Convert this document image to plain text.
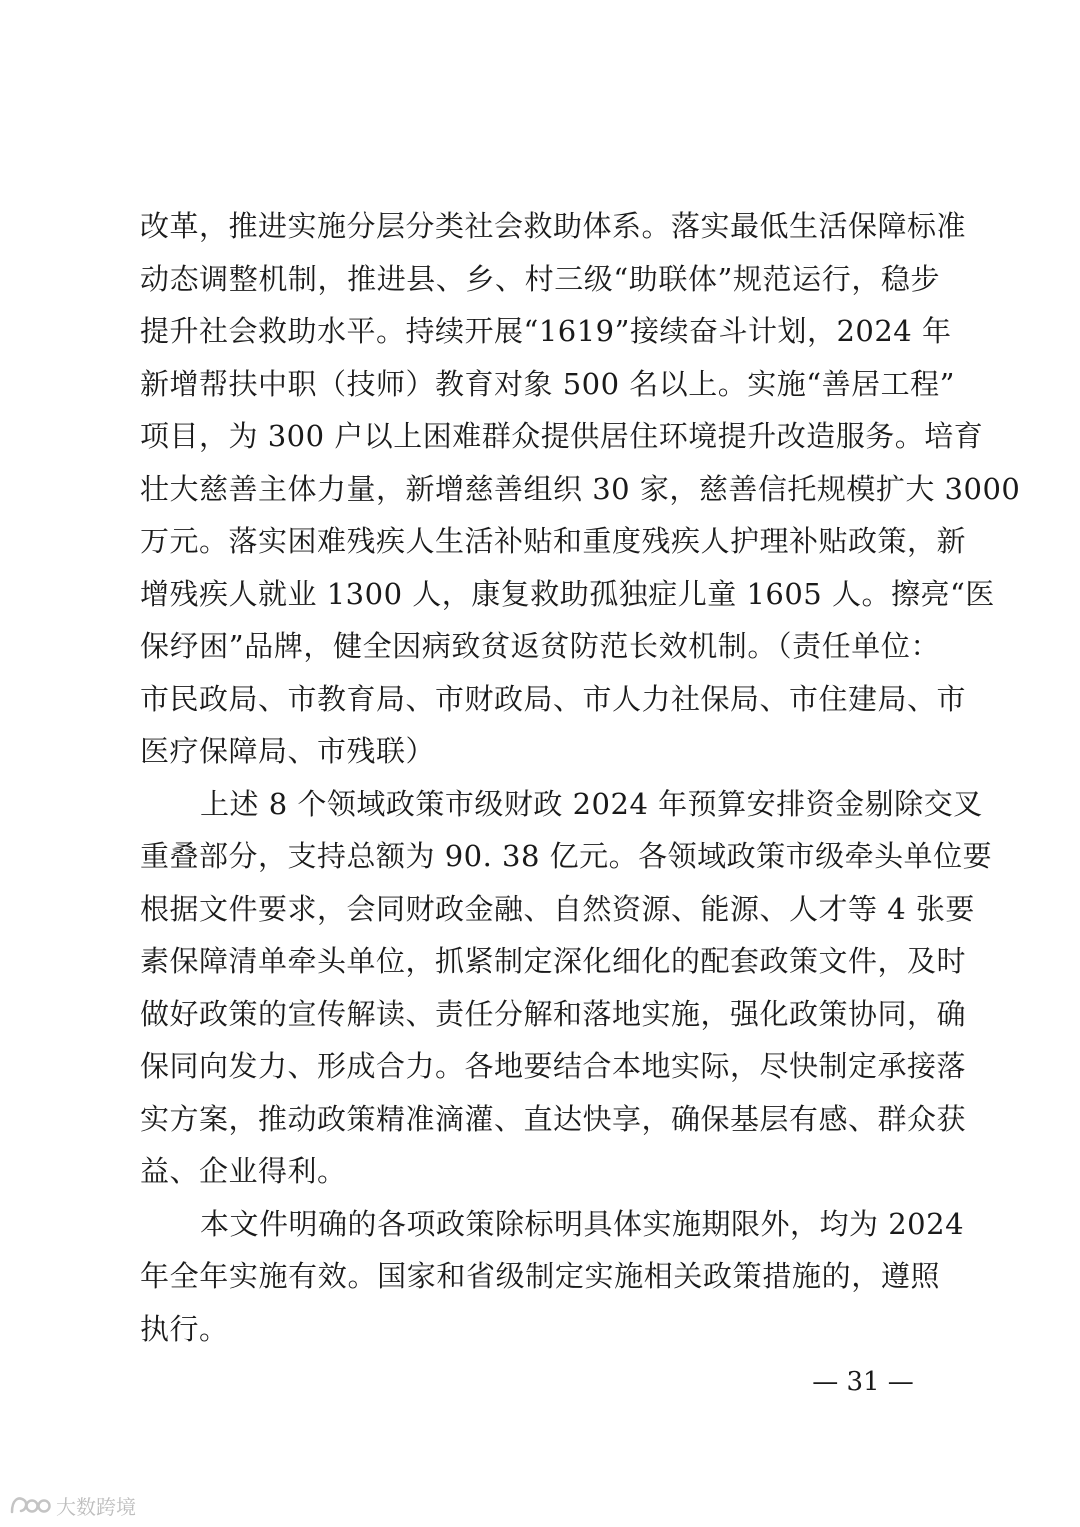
改革，推进实施分层分类社会救助体系。落实最低生活保障标准
动态调整机制，推进县、乡、村三级“助联体”规范运行，稳步
提升社会救助水平。持续开展“1619”接续奋斗计划，2024 年
新增帮扶中职（技师）教育对象 500 名以上。实施“善居工程”
项目，为 300 户以上困难群众提供居住环境提升改造服务。培育
壮大慈善主体力量，新增慈善组织 30 家，慈善信托规模扩大 3000
万元。落实困难残疾人生活补贴和重度残疾人护理补贴政策，新
增残疾人就业 1300 人，康复救助孤独症儿童 1605 人。擦亮“医
保纾困”品牌，健全因病致贫返贫防范长效机制。（责任单位：
市民政局、市教育局、市财政局、市人力社保局、市住建局、市
医疗保障局、市残联）
上述 8 个领域政策市级财政 2024 年预算安排资金剔除交叉
重叠部分，支持总额为 90. 38 亿元。各领域政策市级牵头单位要
根据文件要求，会同财政金融、自然资源、能源、人才等 4 张要
素保障清单牵头单位，抓紧制定深化细化的配套政策文件，及时
做好政策的宣传解读、责任分解和落地实施，强化政策协同，确
保同向发力、形成合力。各地要结合本地实际，尽快制定承接落
实方案，推动政策精准滴灌、直达快享，确保基层有感、群众获
益、企业得利。
本文件明确的各项政策除标明具体实施期限外，均为 2024
年全年实施有效。国家和省级制定实施相关政策措施的，遵照
执行。
— 31 —
大数跨境
